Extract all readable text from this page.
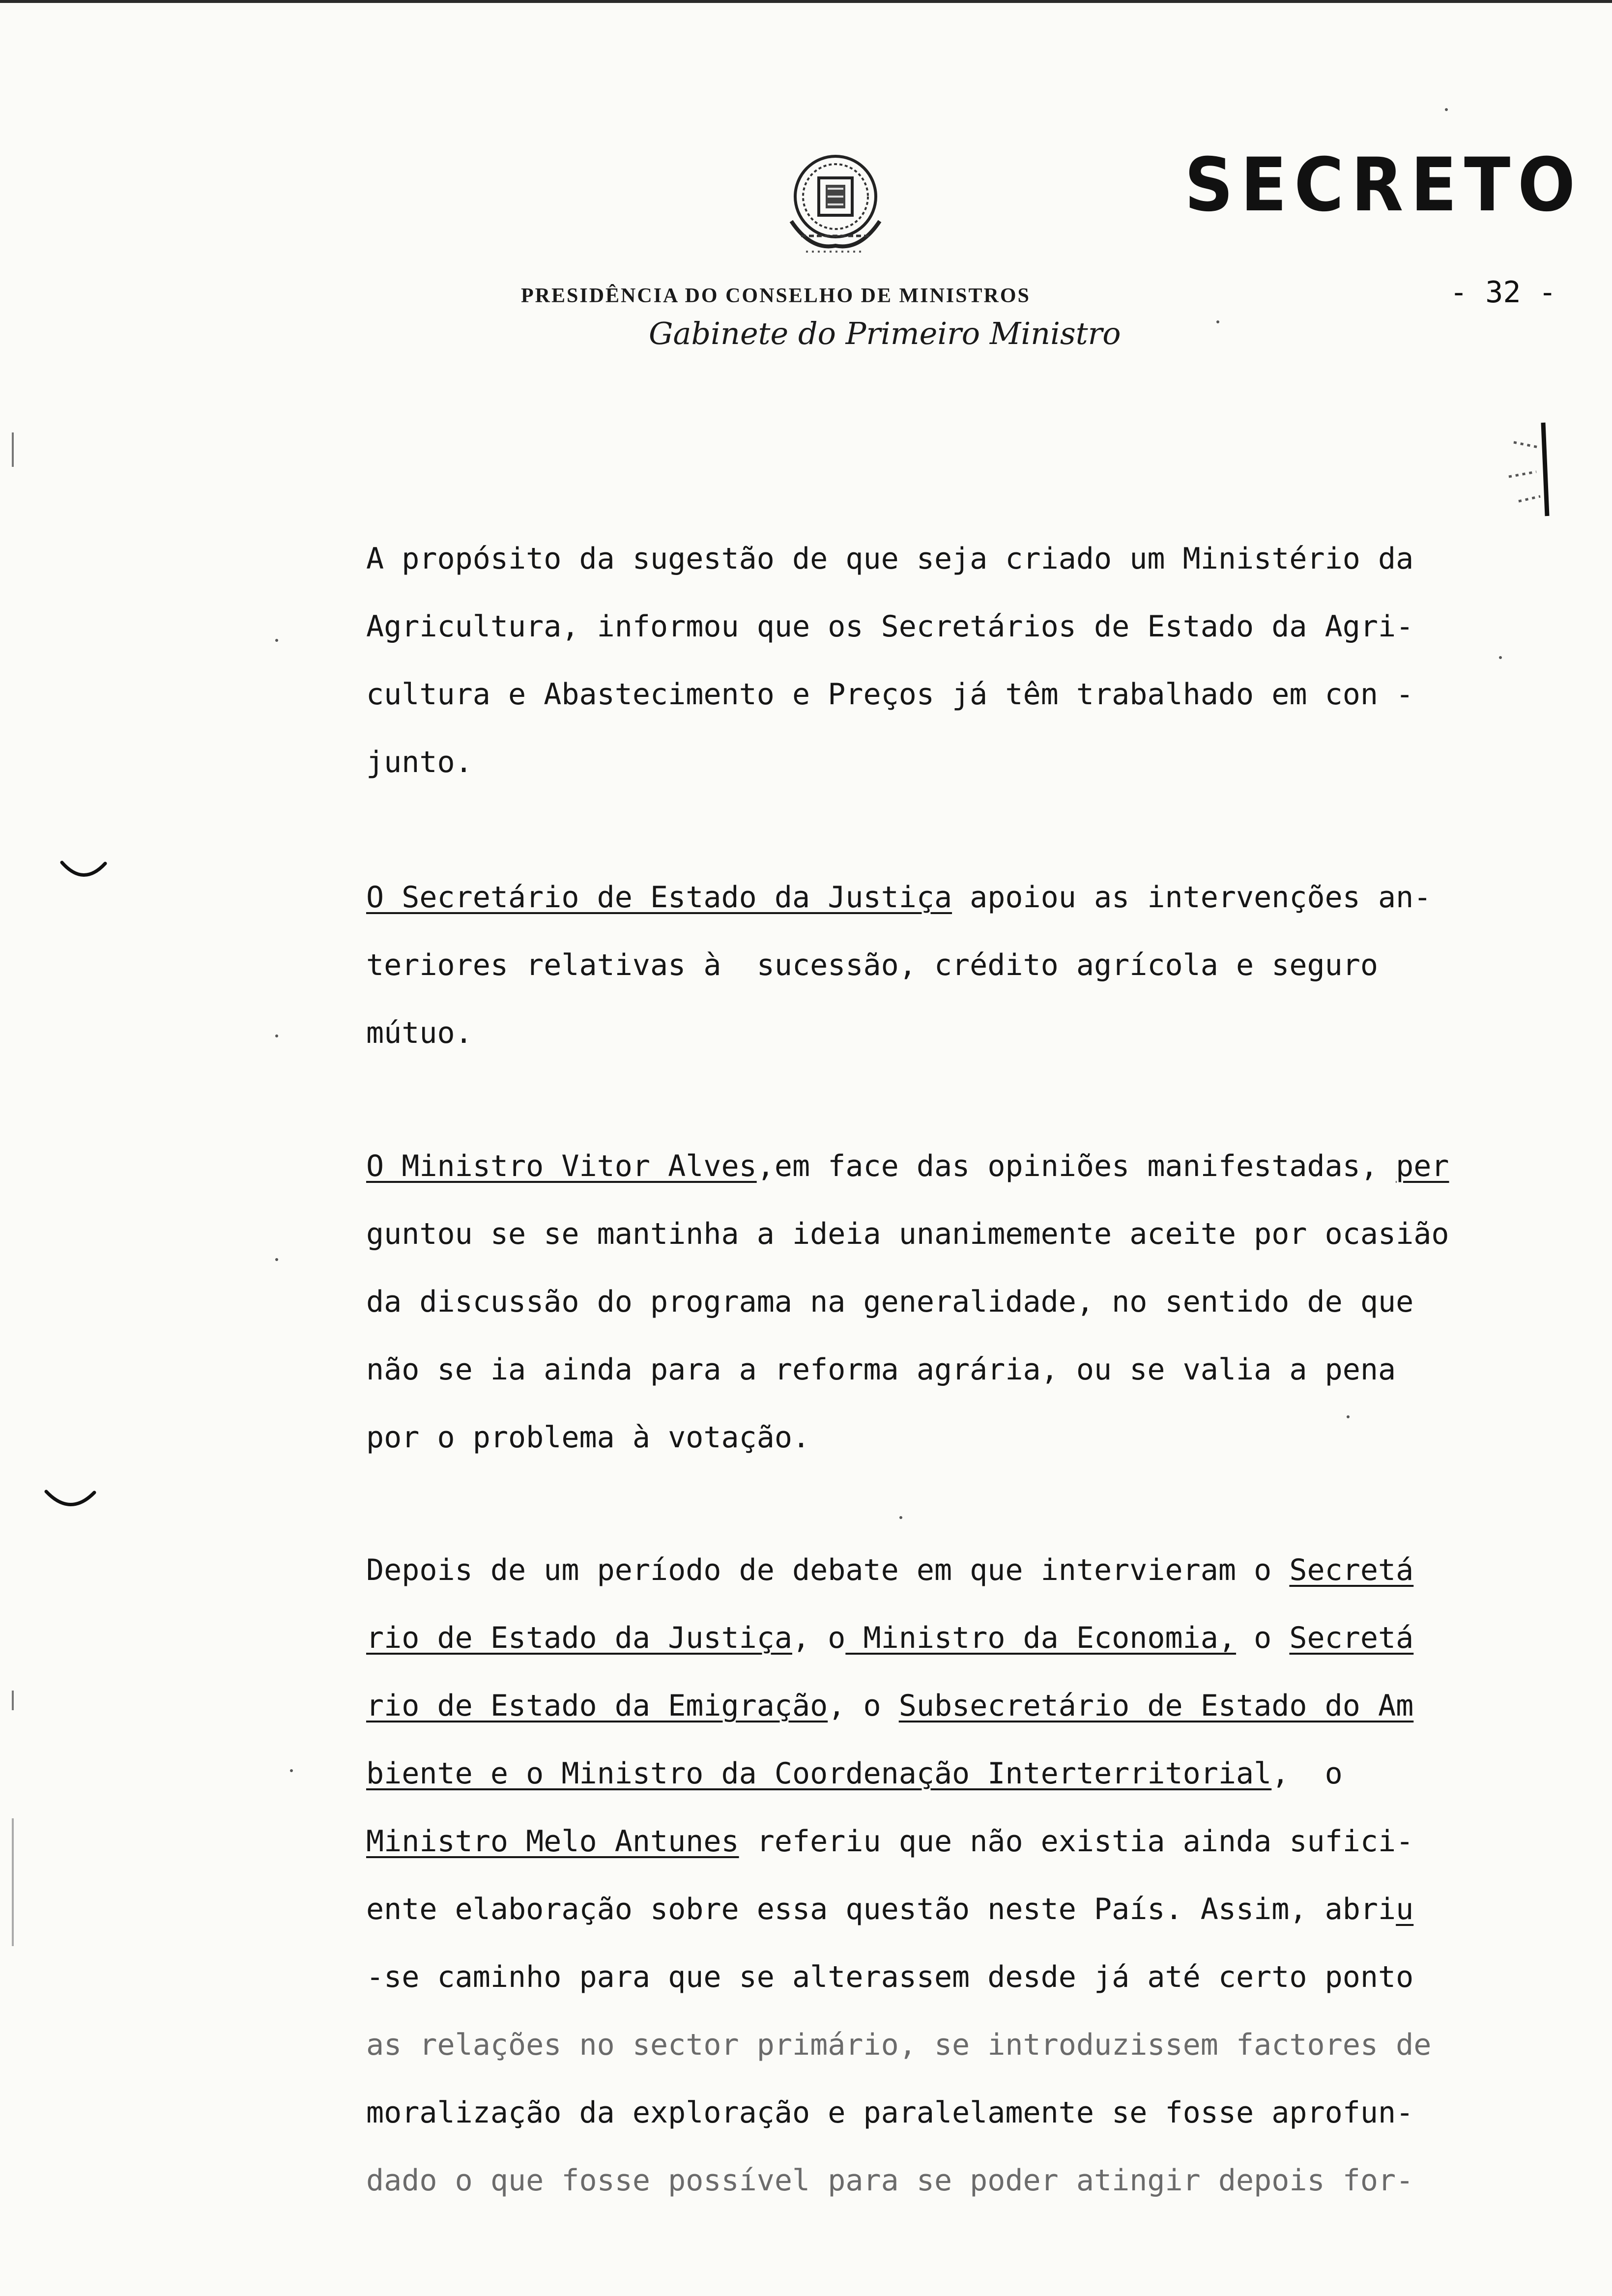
SECRETO
- 32 -
PRESIDÊNCIA DO CONSELHO DE MINISTROS
Gabinete do Primeiro Ministro
A propósito da sugestão de que seja criado um Ministério da
Agricultura, informou que os Secretários de Estado da Agri-
cultura e Abastecimento e Preços já têm trabalhado em con -
junto.
O Secretário de Estado da Justiça apoiou as intervenções an-
teriores relativas à  sucessão, crédito agrícola e seguro
mútuo.
O Ministro Vitor Alves,em face das opiniões manifestadas, per
guntou se se mantinha a ideia unanimemente aceite por ocasião
da discussão do programa na generalidade, no sentido de que
não se ia ainda para a reforma agrária, ou se valia a pena
por o problema à votação.
Depois de um período de debate em que intervieram o Secretá
rio de Estado da Justiça, o Ministro da Economia, o Secretá
rio de Estado da Emigração, o Subsecretário de Estado do Am
biente e o Ministro da Coordenação Interterritorial,  o
Ministro Melo Antunes referiu que não existia ainda sufici-
ente elaboração sobre essa questão neste País. Assim, abriu
-se caminho para que se alterassem desde já até certo ponto
as relações no sector primário, se introduzissem factores de
moralização da exploração e paralelamente se fosse aprofun-
dado o que fosse possível para se poder atingir depois for-
